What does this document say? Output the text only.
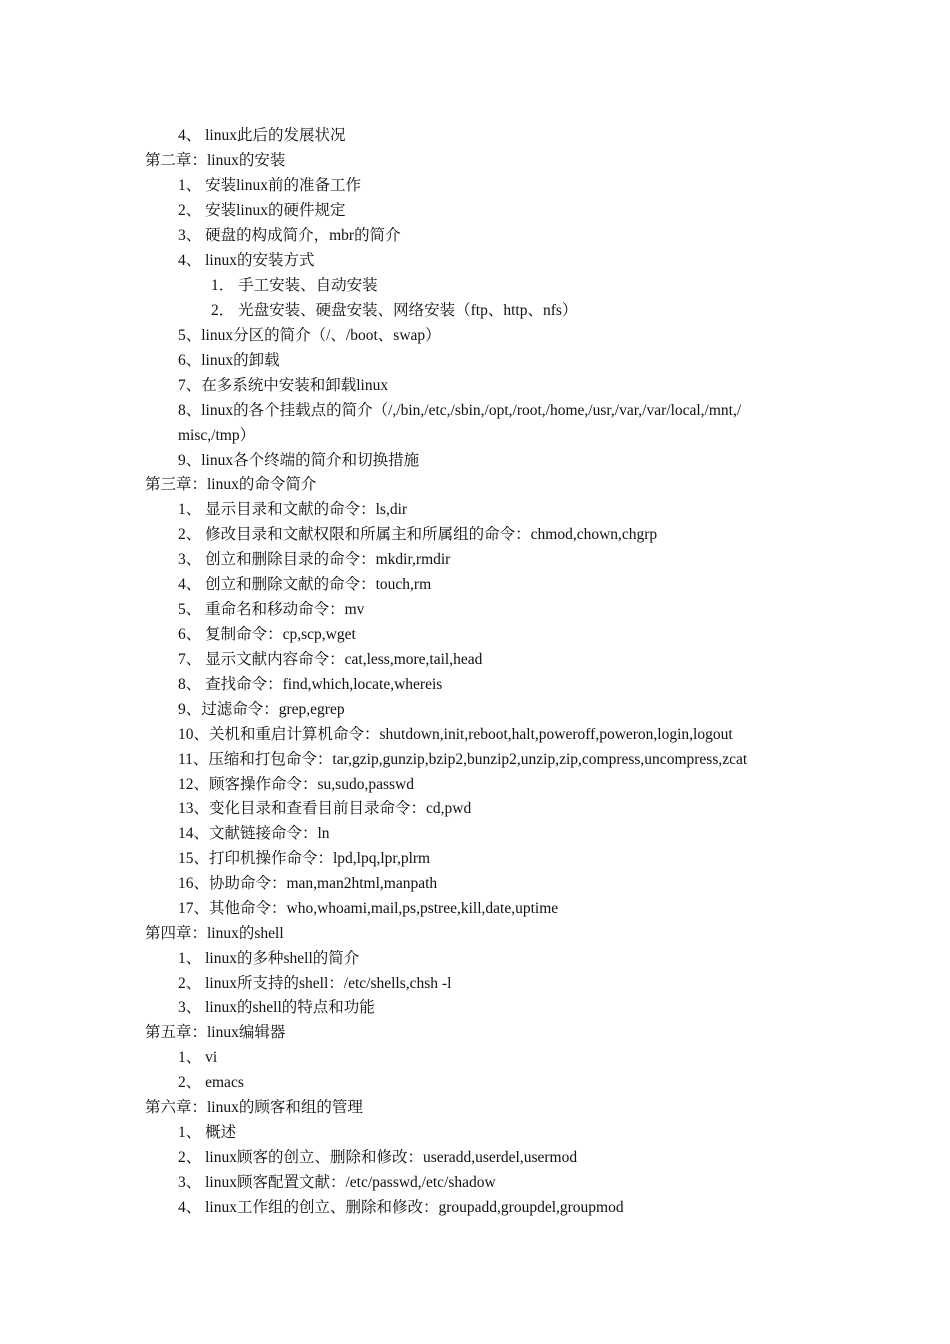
4、 linux此后的发展状况
第二章：linux的安装
1、 安装linux前的准备工作
2、 安装linux的硬件规定
3、 硬盘的构成简介，mbr的简介
4、 linux的安装方式
1． 手工安装、自动安装
2． 光盘安装、硬盘安装、网络安装（ftp、http、nfs）
5、linux分区的简介（/、/boot、swap）
6、linux的卸载
7、在多系统中安装和卸载linux
8、linux的各个挂载点的简介（/,/bin,/etc,/sbin,/opt,/root,/home,/usr,/var,/var/local,/mnt,/
misc,/tmp）
9、linux各个终端的简介和切换措施
第三章：linux的命令简介
1、 显示目录和文献的命令：ls,dir
2、 修改目录和文献权限和所属主和所属组的命令：chmod,chown,chgrp
3、 创立和删除目录的命令：mkdir,rmdir
4、 创立和删除文献的命令：touch,rm
5、 重命名和移动命令：mv
6、 复制命令：cp,scp,wget
7、 显示文献内容命令：cat,less,more,tail,head
8、 查找命令：find,which,locate,whereis
9、过滤命令：grep,egrep
10、关机和重启计算机命令：shutdown,init,reboot,halt,poweroff,poweron,login,logout
11、压缩和打包命令：tar,gzip,gunzip,bzip2,bunzip2,unzip,zip,compress,uncompress,zcat
12、顾客操作命令：su,sudo,passwd
13、变化目录和查看目前目录命令：cd,pwd
14、文献链接命令：ln
15、打印机操作命令：lpd,lpq,lpr,plrm
16、协助命令：man,man2html,manpath
17、其他命令：who,whoami,mail,ps,pstree,kill,date,uptime
第四章：linux的shell
1、 linux的多种shell的简介
2、 linux所支持的shell：/etc/shells,chsh -l
3、 linux的shell的特点和功能
第五章：linux编辑器
1、 vi
2、 emacs
第六章：linux的顾客和组的管理
1、 概述
2、 linux顾客的创立、删除和修改：useradd,userdel,usermod
3、 linux顾客配置文献：/etc/passwd,/etc/shadow
4、 linux工作组的创立、删除和修改：groupadd,groupdel,groupmod
